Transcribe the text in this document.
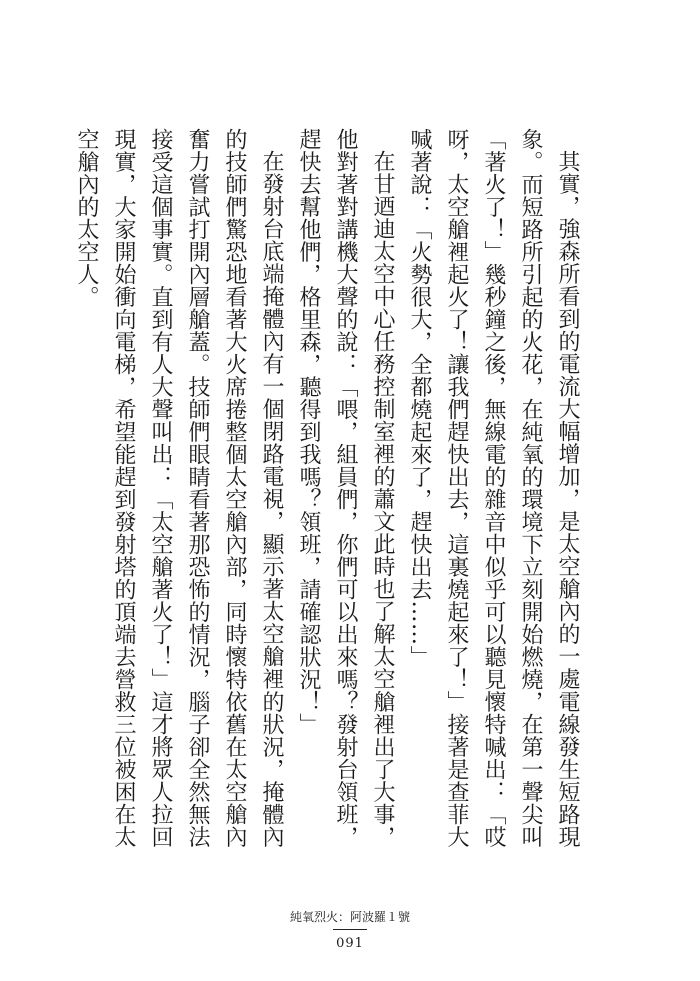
其實，強森所看到的電流大幅增加，是太空艙內的一處電線發生短路現象。而短路所引起的火花，在純氧的環境下立刻開始燃燒，在第一聲尖叫「著火了！」幾秒鐘之後，無線電的雜音中似乎可以聽見懷特喊出：「哎呀，太空艙裡起火了！讓我們趕快出去，這裏燒起來了！」接著是查菲大喊著說：「火勢很大，全都燒起來了，趕快出去……」

在甘迺迪太空中心任務控制室裡的蕭文此時也了解太空艙裡出了大事，他對著對講機大聲的說：「喂，組員們，你們可以出來嗎？發射台領班，趕快去幫他們，格里森，聽得到我嗎？領班，請確認狀況！」

在發射台底端掩體內有一個閉路電視，顯示著太空艙裡的狀況，掩體內的技師們驚恐地看著大火席捲整個太空艙內部，同時懷特依舊在太空艙內奮力嘗試打開內層艙蓋。技師們眼睛看著那恐怖的情況，腦子卻全然無法接受這個事實。直到有人大聲叫出：「太空艙著火了！」這才將眾人拉回現實，大家開始衝向電梯，希望能趕到發射塔的頂端去營救三位被困在太空艙內的太空人。

純氧烈火：阿波羅１號
091
